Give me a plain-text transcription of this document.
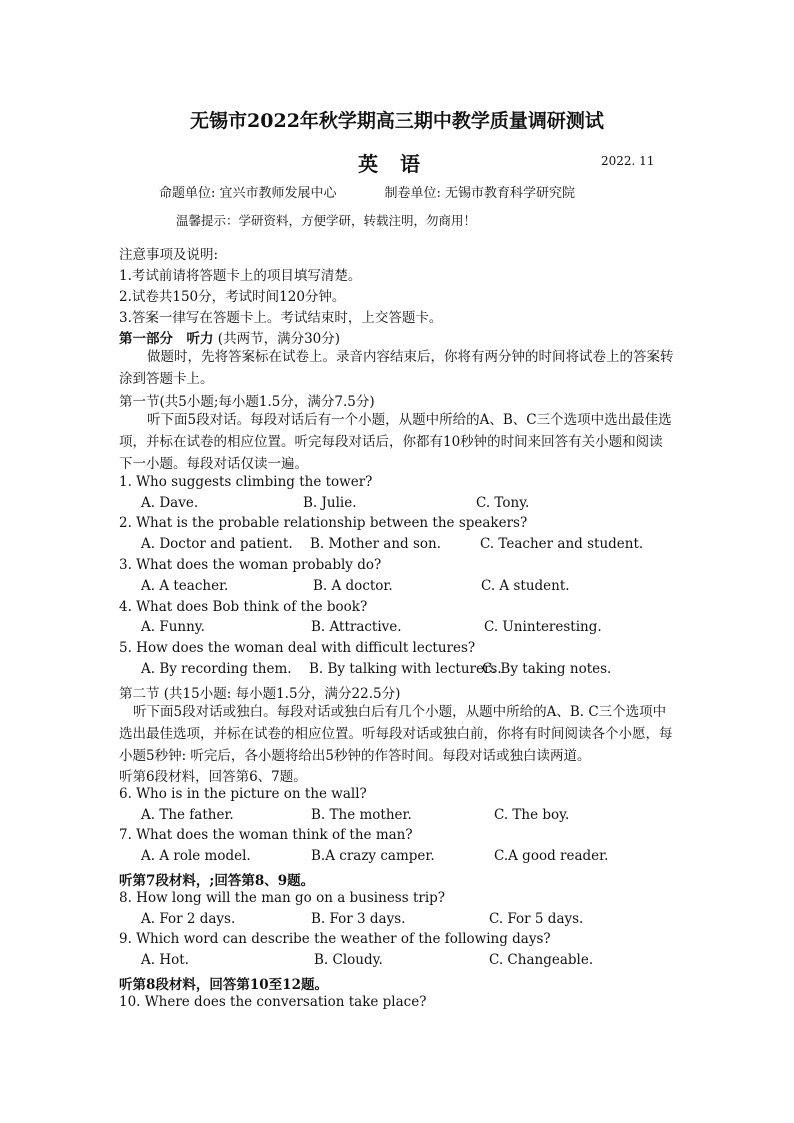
无锡市2022年秋学期高三期中教学质量调研测试
英语	2022. 11
命题单位: 宜兴市教师发展中心	制卷单位: 无锡市教育科学研究院
温馨提示：学研资料，方便学研，转载注明，勿商用！
注意事项及说明:
1.考试前请将答题卡上的项目填写清楚。
2.试卷共150分，考试时间120分钟。
3.答案一律写在答题卡上。考试结束时，上交答题卡。
第一部分　听力 (共两节，满分30分)
做题时，先将答案标在试卷上。录音内容结束后，你将有两分钟的时间将试卷上的答案转涂到答题卡上。
第一节(共5小题;每小题1.5分，满分7.5分)
听下面5段对话。每段对话后有一个小题，从题中所给的A、B、C三个选项中选出最佳选项，并标在试卷的相应位置。听完每段对话后，你都有10秒钟的时间来回答有关小题和阅读下一小题。每段对话仅读一遍。
1. Who suggests climbing the tower?
A. Dave.	B. Julie.	C. Tony.
2. What is the probable relationship between the speakers?
A. Doctor and patient. B. Mother and son.	C. Teacher and student.
3. What does the woman probably do?
A. A teacher.	B. A doctor.	C. A student.
4. What does Bob think of the book?
A. Funny.	B. Attractive.	C. Uninteresting.
5. How does the woman deal with difficult lectures?
A. By recording them. B. By talking with lecturers.
C. By taking notes.
第二节 (共15小题: 每小题1.5分，满分22.5分)
听下面5段对话或独白。每段对话或独白后有几个小题，从题中所给的A、B. C三个选项中选出最佳选项，并标在试卷的相应位置。听每段对话或独白前，你将有时间阅读各个小愿，每小题5秒钟: 听完后，各小题将给出5秒钟的作答时间。每段对话或独白读两道。
听第6段材料，回答第6、7题。
6. Who is in the picture on the wall?
A. The father.	B. The mother.	C. The boy.
7. What does the woman think of the man?
A. A role model.	B.A crazy camper.	C.A good reader.
听第7段材料，;回答第8、9题。
8. How long will the man go on a business trip?
A. For 2 days.	B. For 3 days.	C. For 5 days.
9. Which word can describe the weather of the following days?
A. Hot.	B. Cloudy.	C. Changeable.
听第8段材料，回答第10至12题。
10. Where does the conversation take place?
